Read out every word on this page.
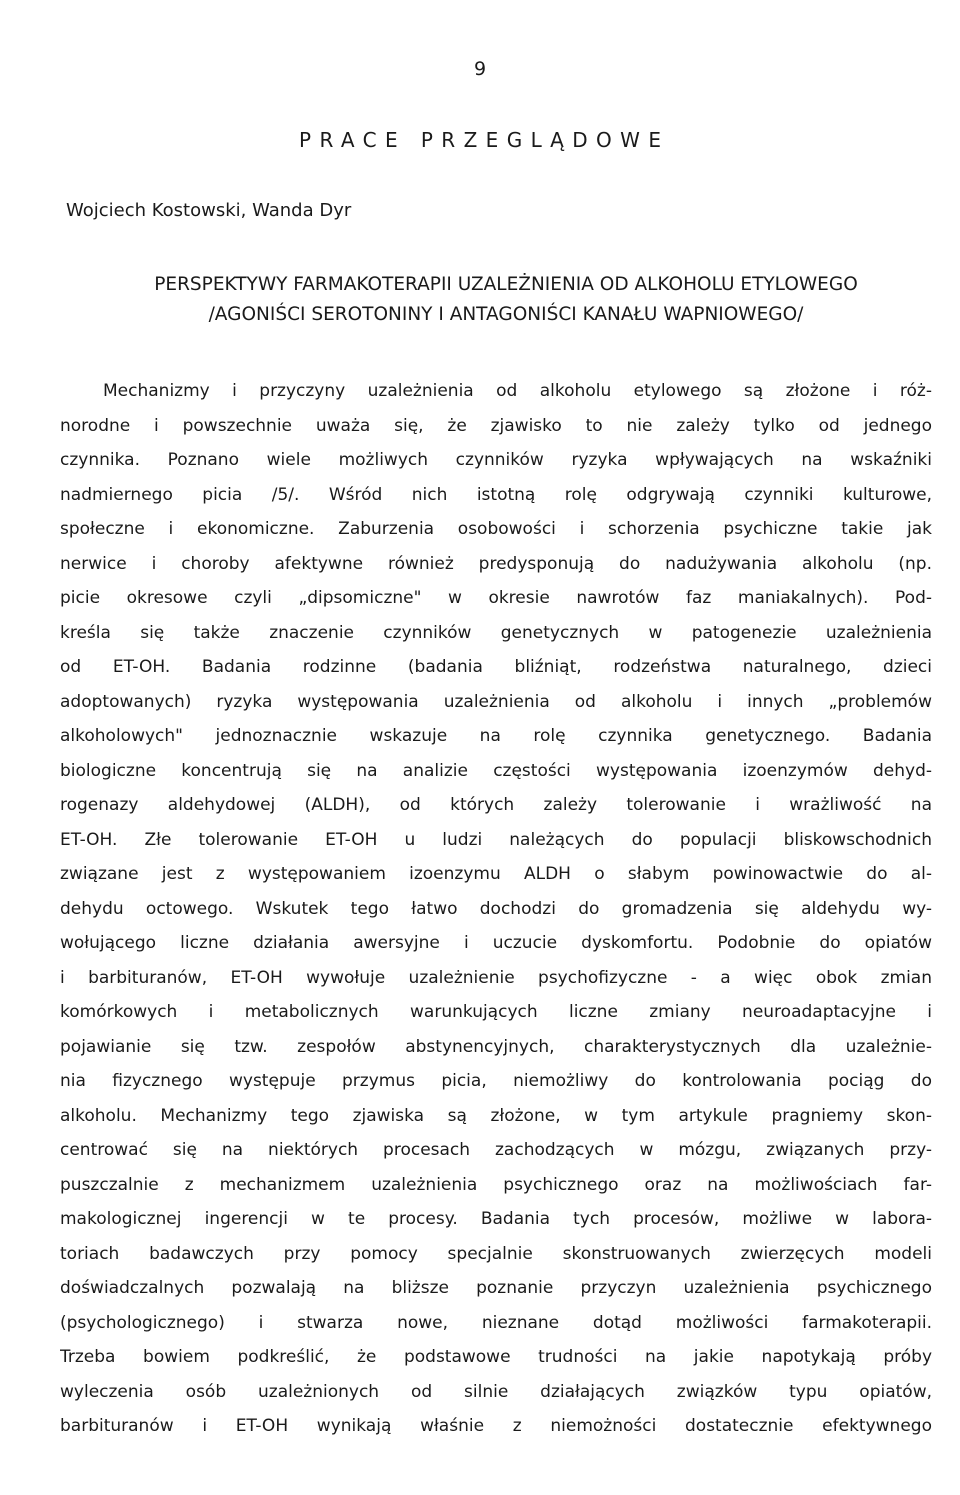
9
PRACE PRZEGLĄDOWE
Wojciech Kostowski, Wanda Dyr
PERSPEKTYWY FARMAKOTERAPII UZALEŻNIENIA OD ALKOHOLU ETYLOWEGO
/AGONIŚCI SEROTONINY I ANTAGONIŚCI KANAŁU WAPNIOWEGO/
Mechanizmy i przyczyny uzależnienia od alkoholu etylowego są złożone i róż-
norodne i powszechnie uważa się, że zjawisko to nie zależy tylko od jednego
czynnika. Poznano wiele możliwych czynników ryzyka wpływających na wskaźniki
nadmiernego picia /5/. Wśród nich istotną rolę odgrywają czynniki kulturowe,
społeczne i ekonomiczne. Zaburzenia osobowości i schorzenia psychiczne takie jak
nerwice i choroby afektywne również predysponują do nadużywania alkoholu (np.
picie okresowe czyli „dipsomiczne" w okresie nawrotów faz maniakalnych). Pod-
kreśla się także znaczenie czynników genetycznych w patogenezie uzależnienia
od ET-OH. Badania rodzinne (badania bliźniąt, rodzeństwa naturalnego, dzieci
adoptowanych) ryzyka występowania uzależnienia od alkoholu i innych „problemów
alkoholowych" jednoznacznie wskazuje na rolę czynnika genetycznego. Badania
biologiczne koncentrują się na analizie częstości występowania izoenzymów dehyd-
rogenazy aldehydowej (ALDH), od których zależy tolerowanie i wrażliwość na
ET-OH. Złe tolerowanie ET-OH u ludzi należących do populacji bliskowschodnich
związane jest z występowaniem izoenzymu ALDH o słabym powinowactwie do al-
dehydu octowego. Wskutek tego łatwo dochodzi do gromadzenia się aldehydu wy-
wołującego liczne działania awersyjne i uczucie dyskomfortu. Podobnie do opiatów
i barbituranów, ET-OH wywołuje uzależnienie psychofizyczne - a więc obok zmian
komórkowych i metabolicznych warunkujących liczne zmiany neuroadaptacyjne i
pojawianie się tzw. zespołów abstynencyjnych, charakterystycznych dla uzależnie-
nia fizycznego występuje przymus picia, niemożliwy do kontrolowania pociąg do
alkoholu. Mechanizmy tego zjawiska są złożone, w tym artykule pragniemy skon-
centrować się na niektórych procesach zachodzących w mózgu, związanych przy-
puszczalnie z mechanizmem uzależnienia psychicznego oraz na możliwościach far-
makologicznej ingerencji w te procesy. Badania tych procesów, możliwe w labora-
toriach badawczych przy pomocy specjalnie skonstruowanych zwierzęcych modeli
doświadczalnych pozwalają na bliższe poznanie przyczyn uzależnienia psychicznego
(psychologicznego) i stwarza nowe, nieznane dotąd możliwości farmakoterapii.
Trzeba bowiem podkreślić, że podstawowe trudności na jakie napotykają próby
wyleczenia osób uzależnionych od silnie działających związków typu opiatów,
barbituranów i ET-OH wynikają właśnie z niemożności dostatecznie efektywnego
